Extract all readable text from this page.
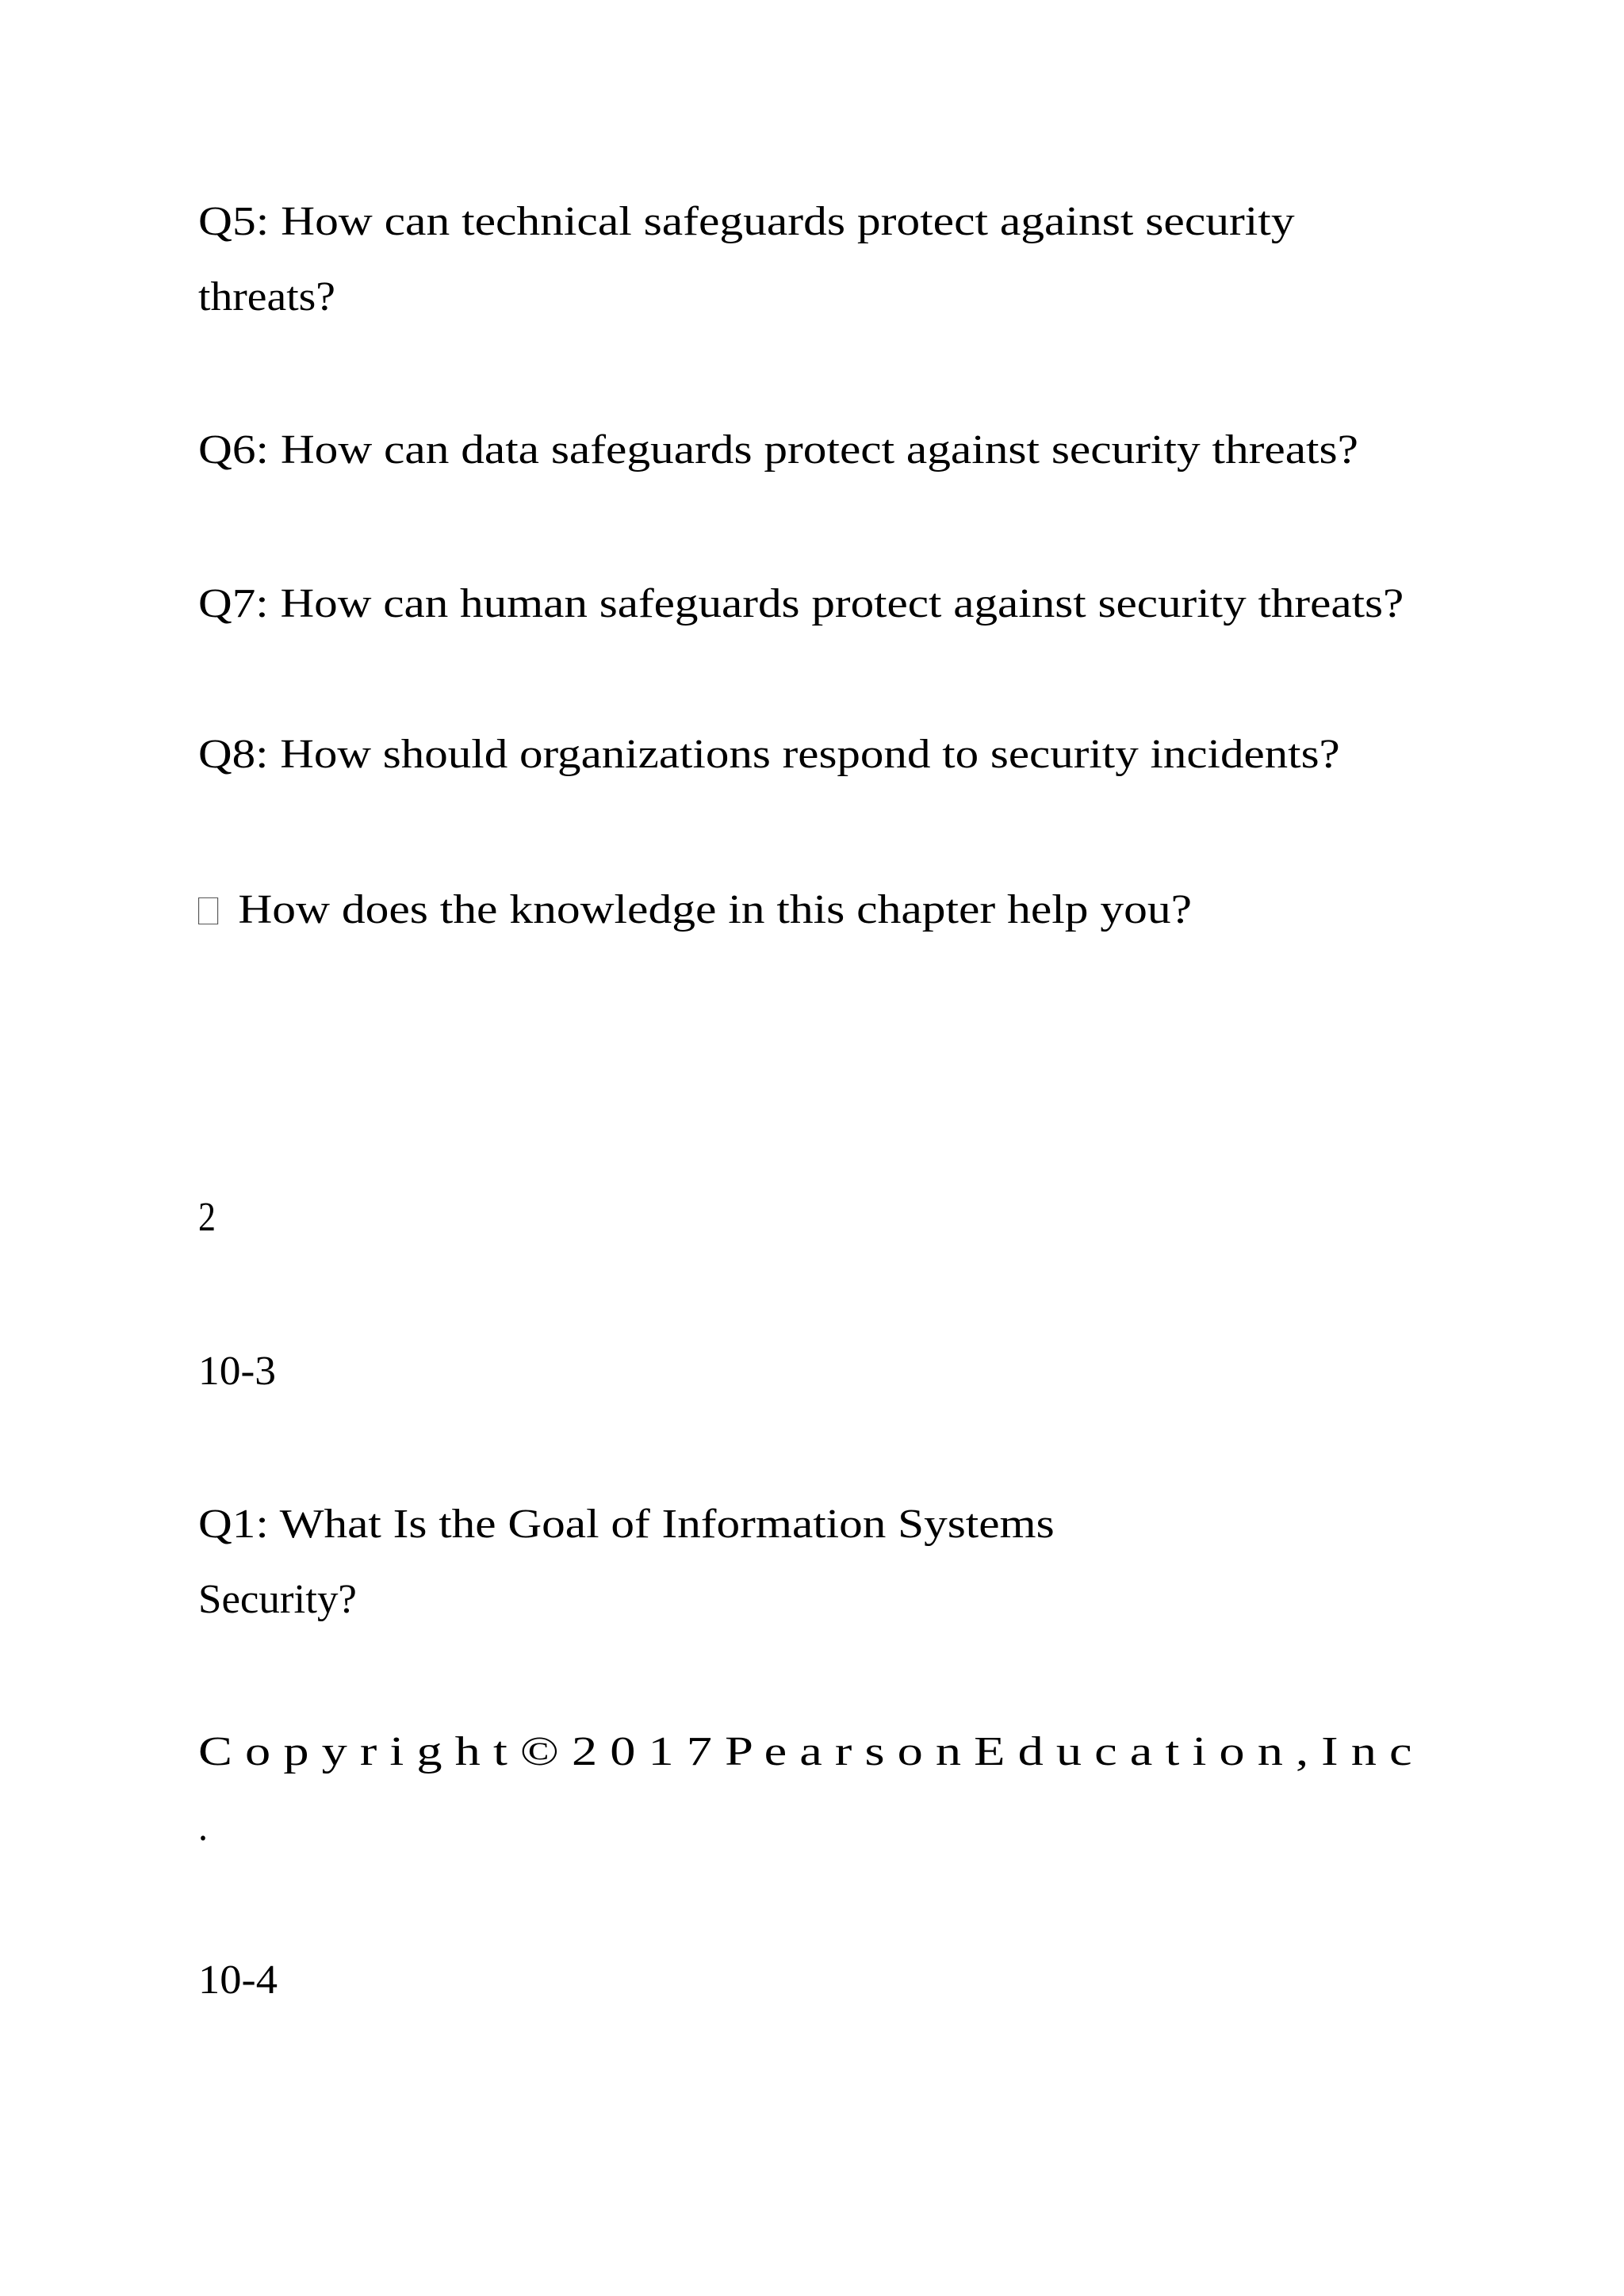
Q5: How can technical safeguards protect against security
threats?
Q6: How can data safeguards protect against security threats?
Q7: How can human safeguards protect against security threats?
Q8: How should organizations respond to security incidents?
How does the knowledge in this chapter help you?
2
10-3
Q1: What Is the Goal of Information Systems
Security?
C o p y r i g h t © 2 0 1 7 P e a r s o n E d u c a t i o n , I n c
.
10-4
